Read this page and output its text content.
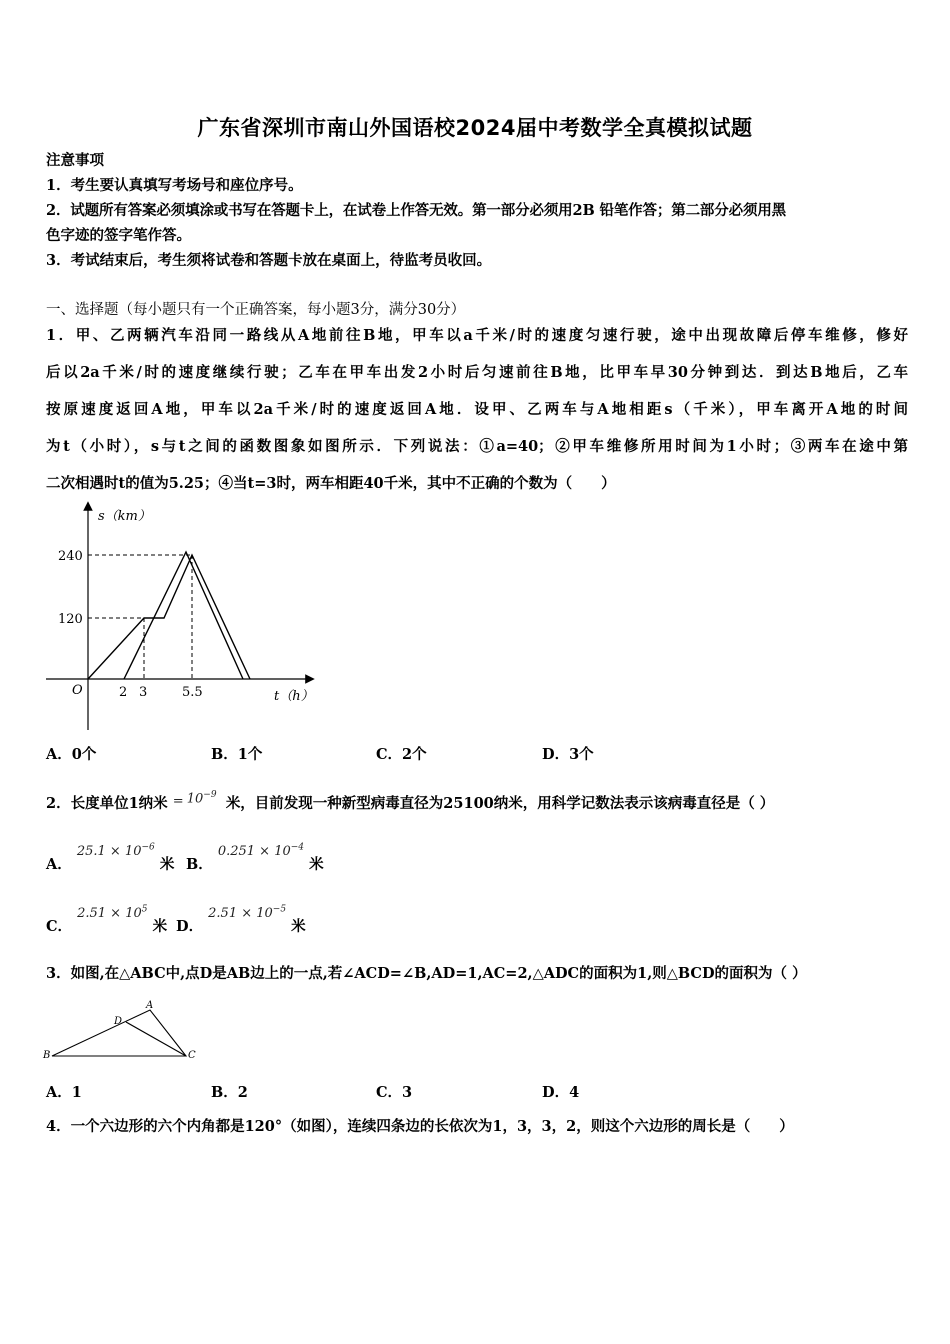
广东省深圳市南山外国语校2024届中考数学全真模拟试题
注意事项
1．考生要认真填写考场号和座位序号。
2．试题所有答案必须填涂或书写在答题卡上，在试卷上作答无效。第一部分必须用2B 铅笔作答；第二部分必须用黑
色字迹的签字笔作答。
3．考试结束后，考生须将试卷和答题卡放在桌面上，待监考员收回。
一、选择题（每小题只有一个正确答案，每小题3分，满分30分）
1．甲、乙两辆汽车沿同一路线从A地前往B地，甲车以a千米/时的速度匀速行驶，途中出现故障后停车维修，修好
后以2a千米/时的速度继续行驶；乙车在甲车出发2小时后匀速前往B地，比甲车早30分钟到达．到达B地后，乙车
按原速度返回A地，甲车以2a千米/时的速度返回A地．设甲、乙两车与A地相距s（千米），甲车离开A地的时间
为t（小时），s与t之间的函数图象如图所示．下列说法：①a=40；②甲车维修所用时间为1小时；③两车在途中第
二次相遇时t的值为5.25；④当t=3时，两车相距40千米，其中不正确的个数为（　　）
s（km）
t（h）
O
240
120
2 3	5.5
A．0个	B．1个	C．2个	D．3个
2．长度单位1纳米 = $10^{-9}$ 米，目前发现一种新型病毒直径为25100纳米，用科学记数法表示该病毒直径是（ ）
A． $25.1 \times 10^{-6}$ 米 B． $0.251 \times 10^{-4}$ 米
C． $2.51 \times 10^5$ 米 D． $2.51 \times 10^{-5}$ 米
3．如图,在△ABC中,点D是AB边上的一点,若∠ACD=∠B,AD=1,AC=2,△ADC的面积为1,则△BCD的面积为（ ）
A
B	C
D
A．1	B．2	C．3	D．4
4．一个六边形的六个内角都是120°（如图），连续四条边的长依次为1，3，3，2，则这个六边形的周长是（　　）
